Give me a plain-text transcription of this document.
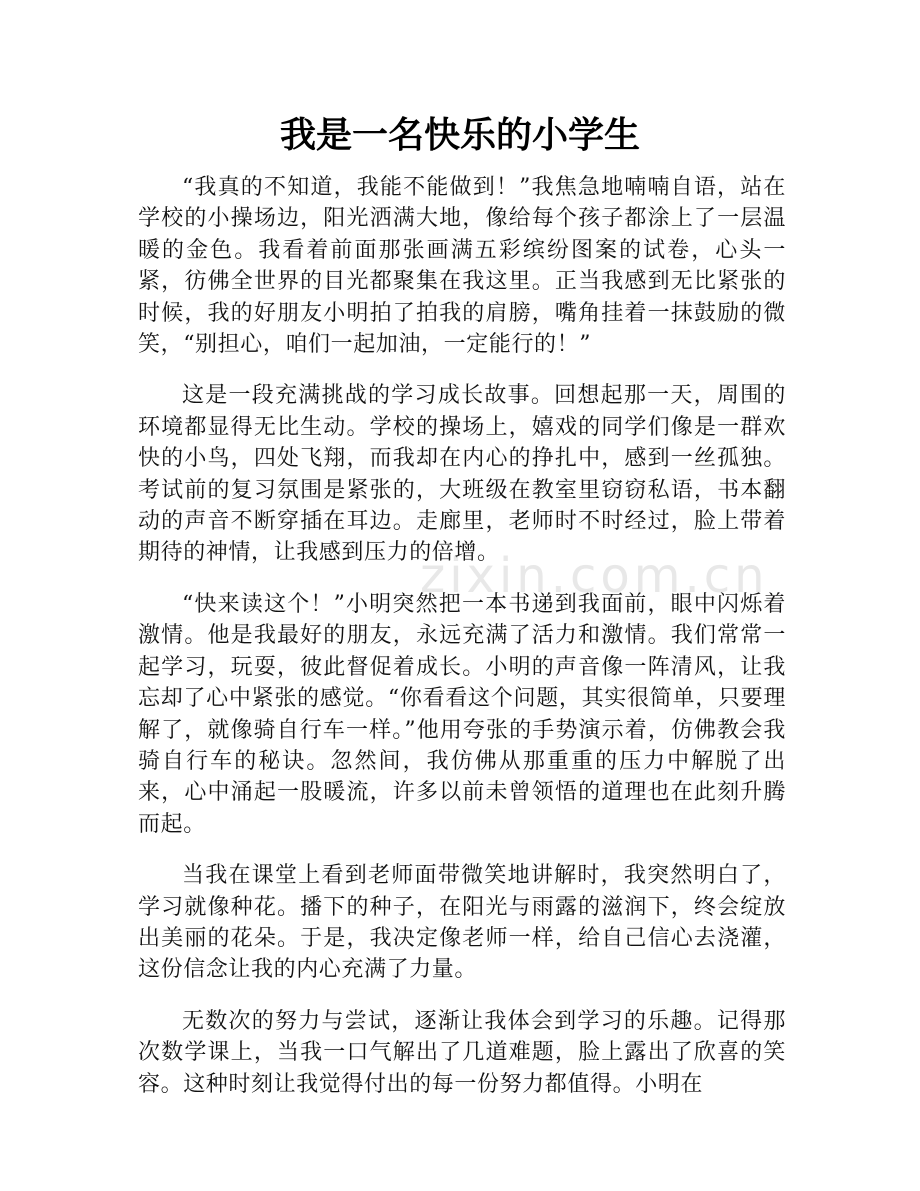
我是一名快乐的小学生

“我真的不知道，我能不能做到！”我焦急地喃喃自语，站在学校的小操场边，阳光洒满大地，像给每个孩子都涂上了一层温暖的金色。我看着前面那张画满五彩缤纷图案的试卷，心头一紧，彷佛全世界的目光都聚集在我这里。正当我感到无比紧张的时候，我的好朋友小明拍了拍我的肩膀，嘴角挂着一抹鼓励的微笑，“别担心，咱们一起加油，一定能行的！”

这是一段充满挑战的学习成长故事。回想起那一天，周围的环境都显得无比生动。学校的操场上，嬉戏的同学们像是一群欢快的小鸟，四处飞翔，而我却在内心的挣扎中，感到一丝孤独。考试前的复习氛围是紧张的，大班级在教室里窃窃私语，书本翻动的声音不断穿插在耳边。走廊里，老师时不时经过，脸上带着期待的神情，让我感到压力的倍增。

“快来读这个！”小明突然把一本书递到我面前，眼中闪烁着激情。他是我最好的朋友，永远充满了活力和激情。我们常常一起学习，玩耍，彼此督促着成长。小明的声音像一阵清风，让我忘却了心中紧张的感觉。“你看看这个问题，其实很简单，只要理解了，就像骑自行车一样。”他用夸张的手势演示着，仿佛教会我骑自行车的秘诀。忽然间，我仿佛从那重重的压力中解脱了出来，心中涌起一股暖流，许多以前未曾领悟的道理也在此刻升腾而起。

当我在课堂上看到老师面带微笑地讲解时，我突然明白了，学习就像种花。播下的种子，在阳光与雨露的滋润下，终会绽放出美丽的花朵。于是，我决定像老师一样，给自己信心去浇灌，这份信念让我的内心充满了力量。

无数次的努力与尝试，逐渐让我体会到学习的乐趣。记得那次数学课上，当我一口气解出了几道难题，脸上露出了欣喜的笑容。这种时刻让我觉得付出的每一份努力都值得。小明在

zixin.com.cn
